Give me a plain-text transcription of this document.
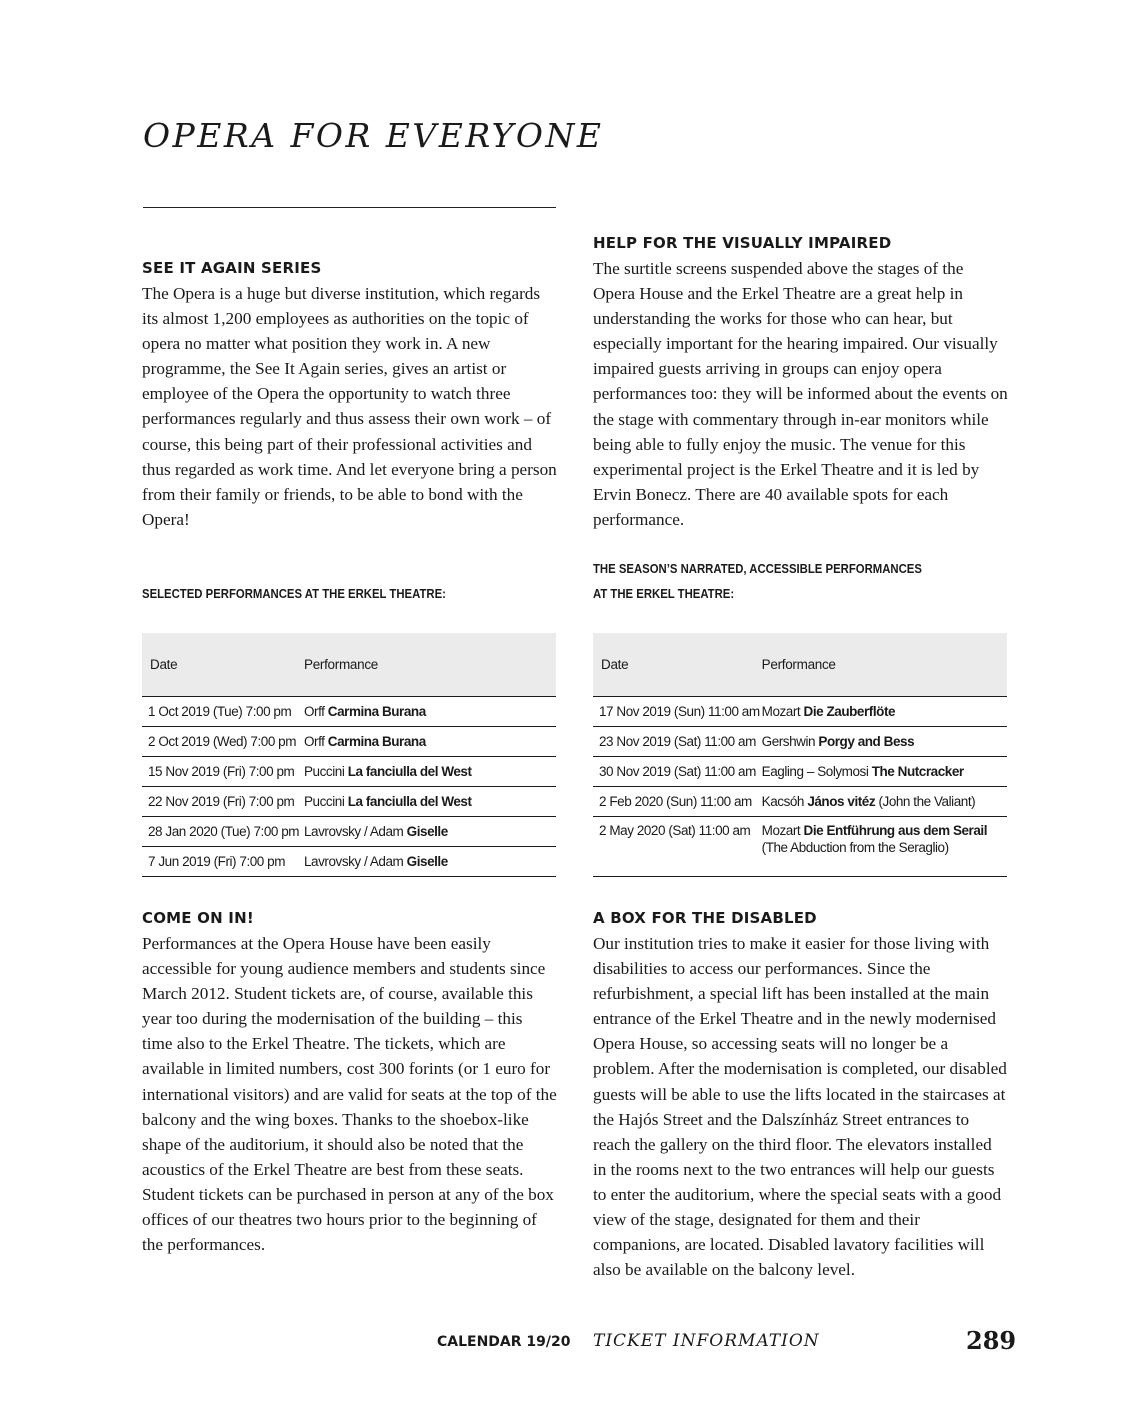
OPERA FOR EVERYONE
SEE IT AGAIN SERIES

The Opera is a huge but diverse institution, which regards its almost 1,200 employees as authorities on the topic of opera no matter what position they work in. A new programme, the See It Again series, gives an artist or employee of the Opera the opportunity to watch three performances regularly and thus assess their own work – of course, this being part of their professional activities and thus regarded as work time. And let everyone bring a person from their family or friends, to be able to bond with the Opera!

HELP FOR THE VISUALLY IMPAIRED

The surtitle screens suspended above the stages of the Opera House and the Erkel Theatre are a great help in understanding the works for those who can hear, but especially important for the hearing impaired. Our visually impaired guests arriving in groups can enjoy opera performances too: they will be informed about the events on the stage with commentary through in-ear monitors while being able to fully enjoy the music. The venue for this experimental project is the Erkel Theatre and it is led by Ervin Bonecz. There are 40 available spots for each performance.

SELECTED PERFORMANCES AT THE ERKEL THEATRE:

THE SEASON’S NARRATED, ACCESSIBLE PERFORMANCES

AT THE ERKEL THEATRE:

Date	Performance
1 Oct 2019 (Tue) 7:00 pm	Orff Carmina Burana
2 Oct 2019 (Wed) 7:00 pm	Orff Carmina Burana
15 Nov 2019 (Fri) 7:00 pm	Puccini La fanciulla del West
22 Nov 2019 (Fri) 7:00 pm	Puccini La fanciulla del West
28 Jan 2020 (Tue) 7:00 pm	Lavrovsky / Adam Giselle
7 Jun 2019 (Fri) 7:00 pm	Lavrovsky / Adam Giselle
Date	Performance
17 Nov 2019 (Sun) 11:00 am	Mozart Die Zauberflöte
23 Nov 2019 (Sat) 11:00 am	Gershwin Porgy and Bess
30 Nov 2019 (Sat) 11:00 am	Eagling – Solymosi The Nutcracker
2 Feb 2020 (Sun) 11:00 am	Kacsóh János vitéz (John the Valiant)
2 May 2020 (Sat) 11:00 am	Mozart Die Entführung aus dem Serail
(The Abduction from the Seraglio)
COME ON IN!

Performances at the Opera House have been easily accessible for young audience members and students since March 2012. Student tickets are, of course, available this year too during the modernisation of the building – this time also to the Erkel Theatre. The tickets, which are available in limited numbers, cost 300 forints (or 1 euro for international visitors) and are valid for seats at the top of the balcony and the wing boxes. Thanks to the shoebox-like shape of the auditorium, it should also be noted that the acoustics of the Erkel Theatre are best from these seats. Student tickets can be purchased in person at any of the box offices of our theatres two hours prior to the beginning of the performances.

A BOX FOR THE DISABLED

Our institution tries to make it easier for those living with disabilities to access our performances. Since the refurbishment, a special lift has been installed at the main entrance of the Erkel Theatre and in the newly modernised Opera House, so accessing seats will no longer be a problem. After the modernisation is completed, our disabled guests will be able to use the lifts located in the staircases at the Hajós Street and the Dalszínház Street entrances to reach the gallery on the third floor. The elevators installed in the rooms next to the two entrances will help our guests to enter the auditorium, where the special seats with a good view of the stage, designated for them and their companions, are located. Disabled lavatory facilities will also be available on the balcony level.

CALENDAR 19/20 TICKET INFORMATION	289
